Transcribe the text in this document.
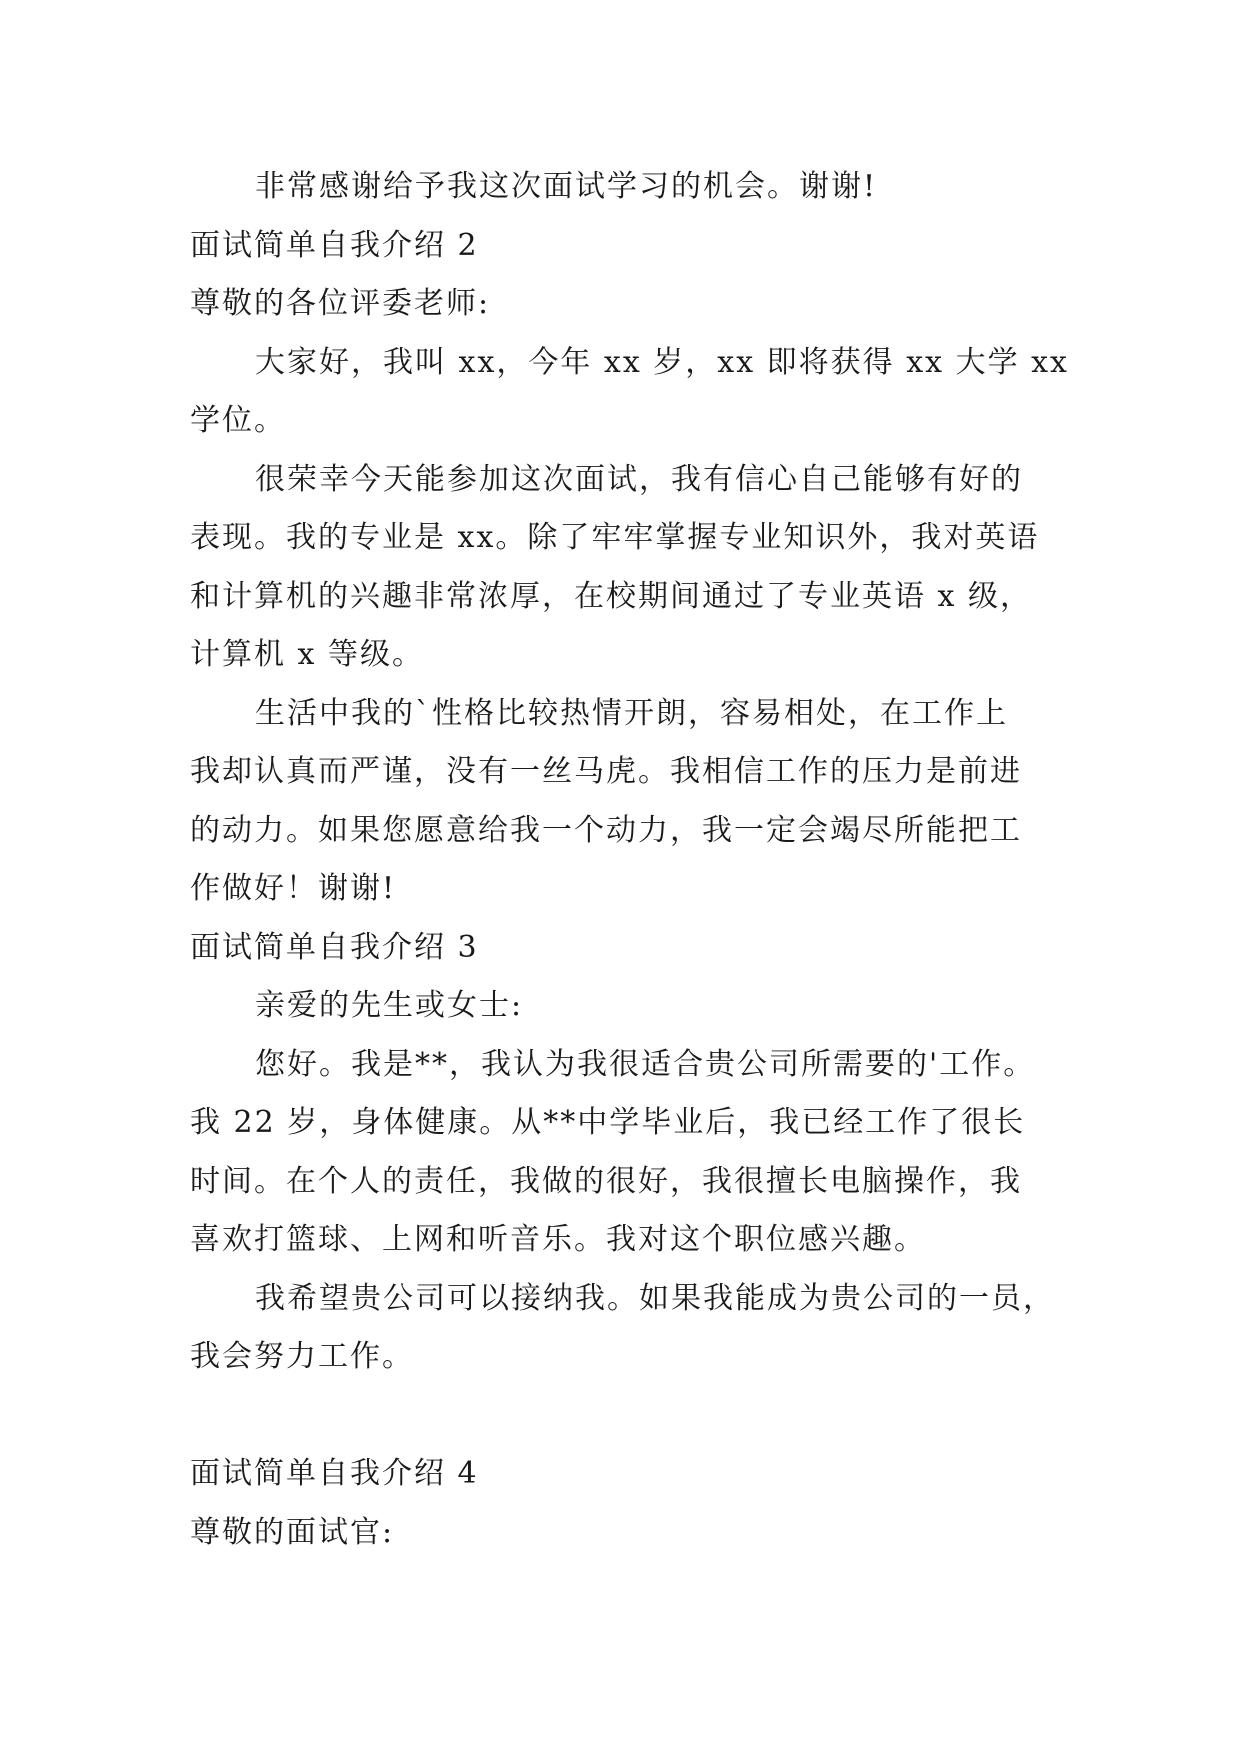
非常感谢给予我这次面试学习的机会。谢谢!
面试简单自我介绍 2
尊敬的各位评委老师:
大家好，我叫 xx，今年 xx 岁，xx 即将获得 xx 大学 xx
学位。
很荣幸今天能参加这次面试，我有信心自己能够有好的
表现。我的专业是 xx。除了牢牢掌握专业知识外，我对英语
和计算机的兴趣非常浓厚，在校期间通过了专业英语 x 级，
计算机 x 等级。
生活中我的`性格比较热情开朗，容易相处，在工作上
我却认真而严谨，没有一丝马虎。我相信工作的压力是前进
的动力。如果您愿意给我一个动力，我一定会竭尽所能把工
作做好！谢谢!
面试简单自我介绍 3
亲爱的先生或女士:
您好。我是**，我认为我很适合贵公司所需要的'工作。
我 22 岁，身体健康。从**中学毕业后，我已经工作了很长
时间。在个人的责任，我做的很好，我很擅长电脑操作，我
喜欢打篮球、上网和听音乐。我对这个职位感兴趣。
我希望贵公司可以接纳我。如果我能成为贵公司的一员，
我会努力工作。
面试简单自我介绍 4
尊敬的面试官:
